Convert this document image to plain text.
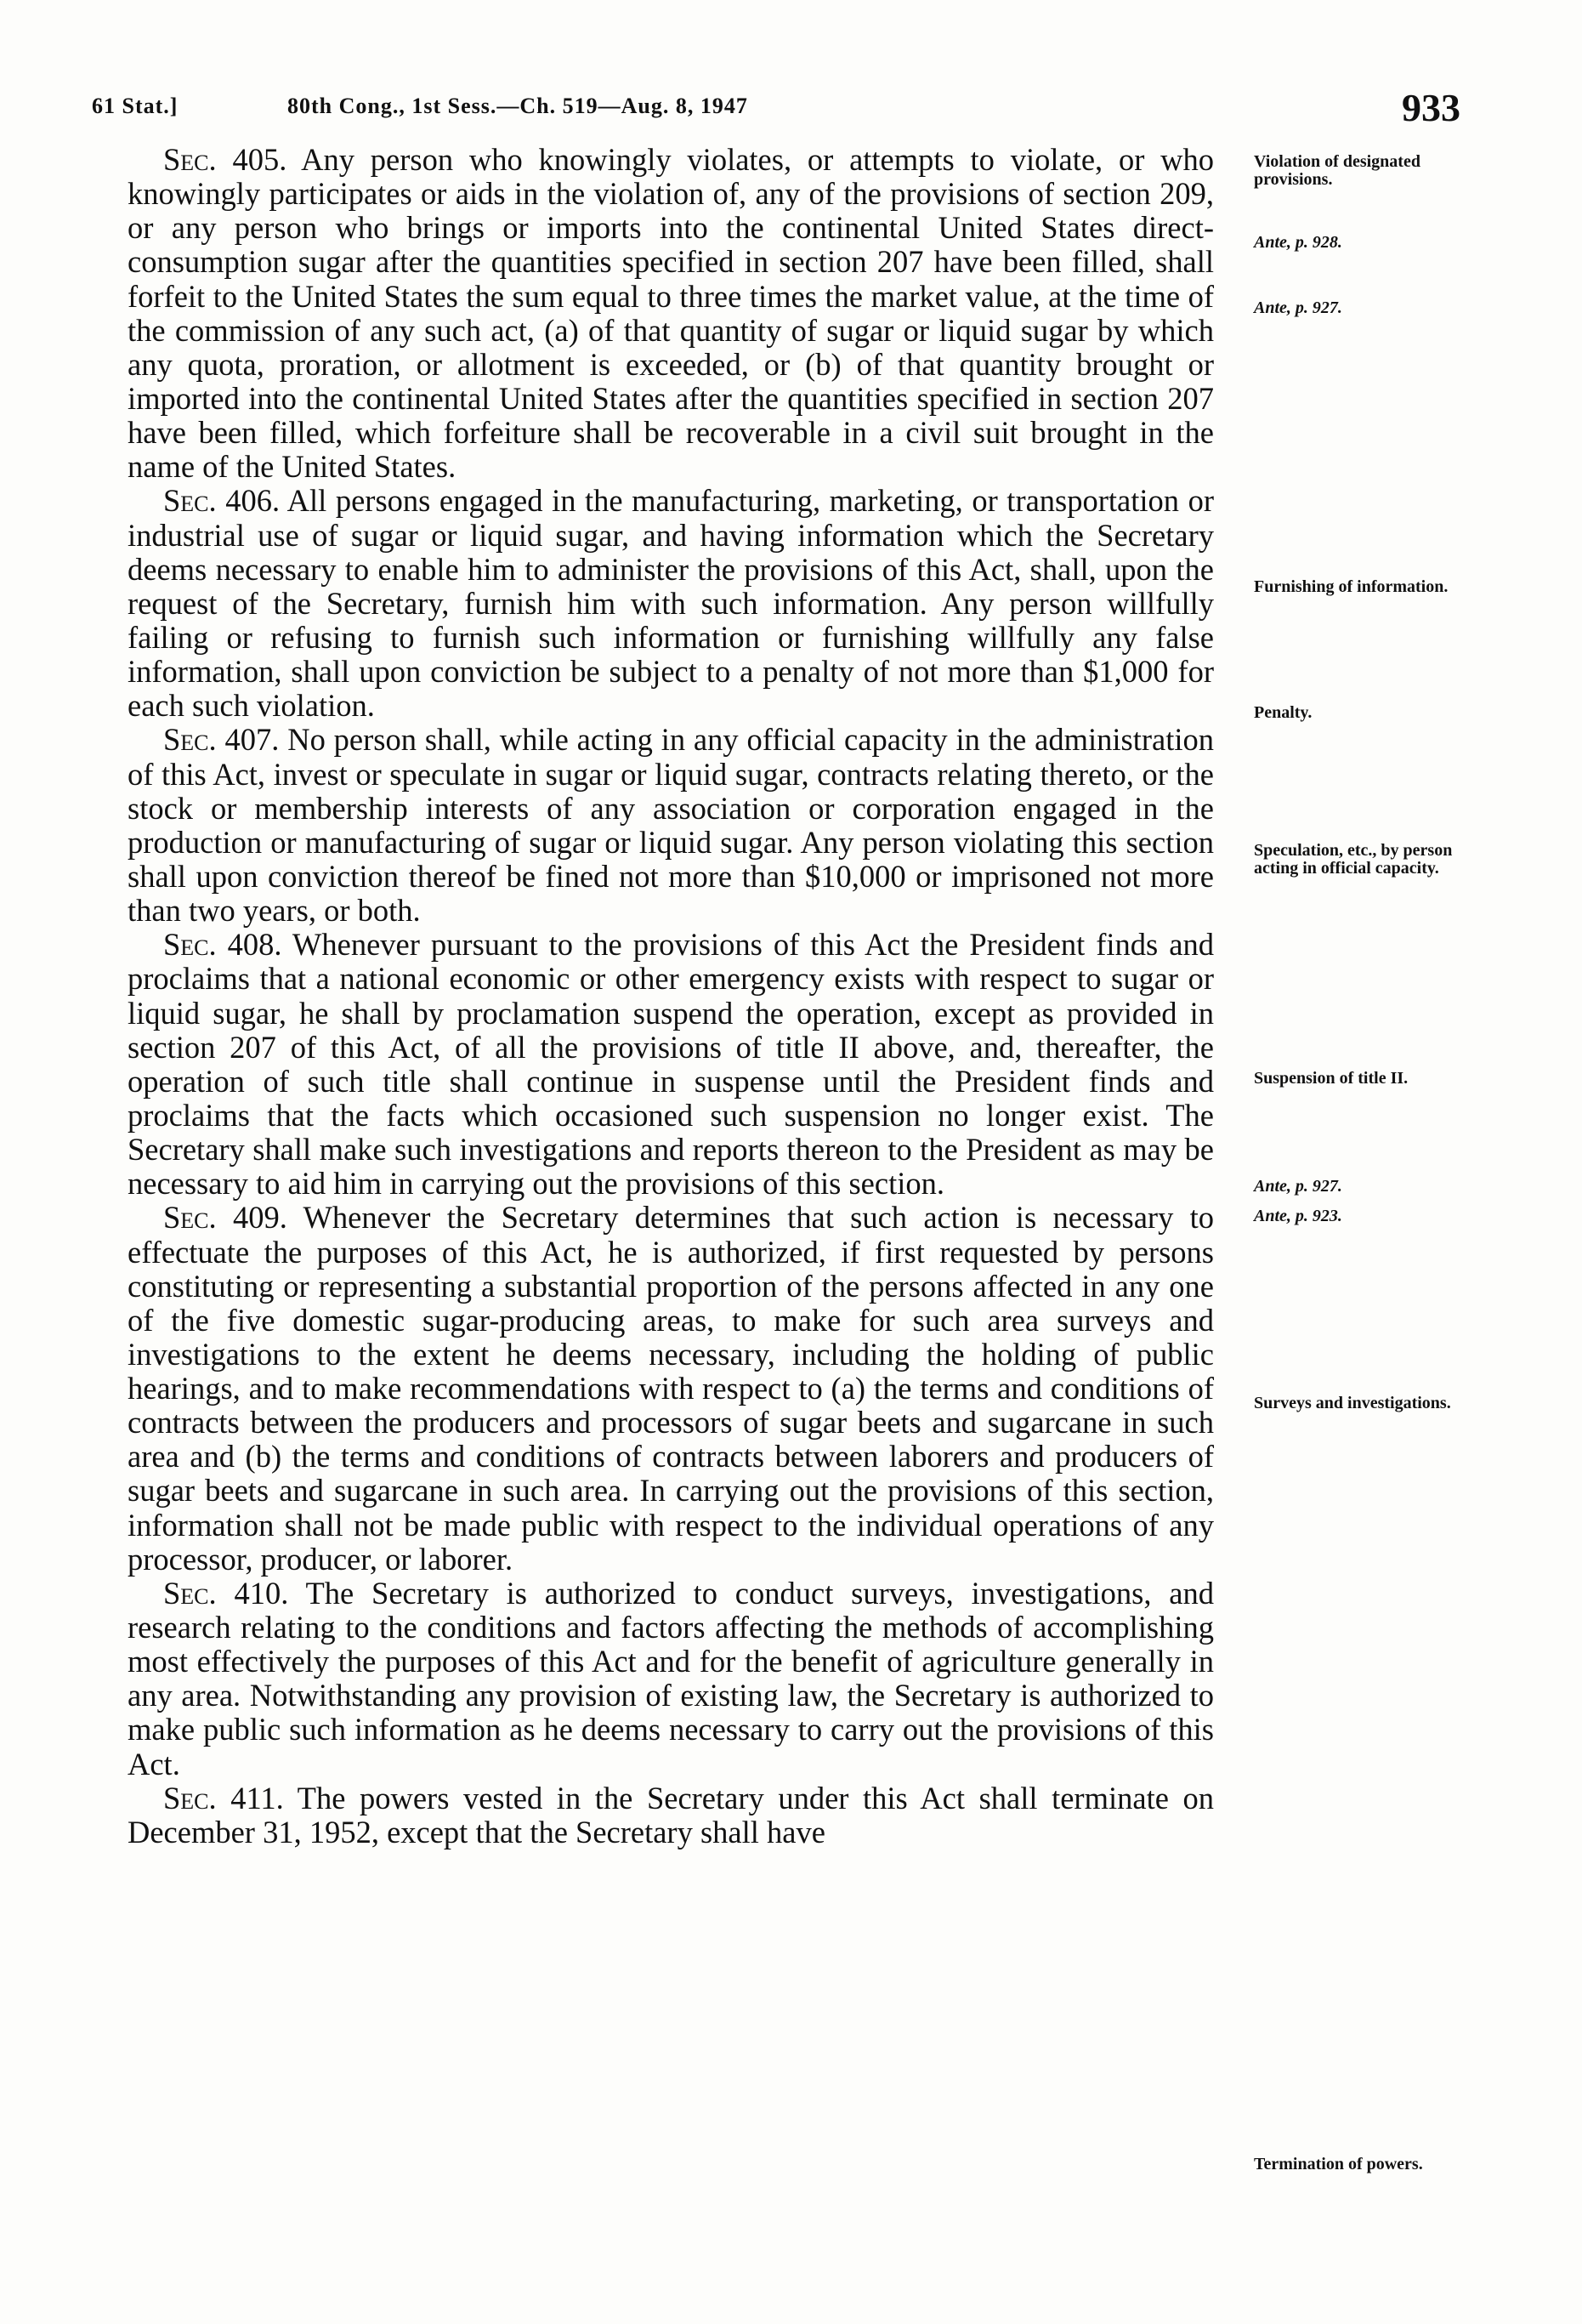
61 Stat.]	80th Cong., 1st Sess.—Ch. 519—Aug. 8, 1947	933

Sec. 405. Any person who knowingly violates, or attempts to violate, or who knowingly participates or aids in the violation of, any of the provisions of section 209, or any person who brings or imports into the continental United States direct-consumption sugar after the quantities specified in section 207 have been filled, shall forfeit to the United States the sum equal to three times the market value, at the time of the commission of any such act, (a) of that quantity of sugar or liquid sugar by which any quota, proration, or allotment is exceeded, or (b) of that quantity brought or imported into the continental United States after the quantities specified in section 207 have been filled, which forfeiture shall be recoverable in a civil suit brought in the name of the United States.

Sec. 406. All persons engaged in the manufacturing, marketing, or transportation or industrial use of sugar or liquid sugar, and having information which the Secretary deems necessary to enable him to administer the provisions of this Act, shall, upon the request of the Secretary, furnish him with such information. Any person willfully failing or refusing to furnish such information or furnishing willfully any false information, shall upon conviction be subject to a penalty of not more than $1,000 for each such violation.

Sec. 407. No person shall, while acting in any official capacity in the administration of this Act, invest or speculate in sugar or liquid sugar, contracts relating thereto, or the stock or membership interests of any association or corporation engaged in the production or manufacturing of sugar or liquid sugar. Any person violating this section shall upon conviction thereof be fined not more than $10,000 or imprisoned not more than two years, or both.

Sec. 408. Whenever pursuant to the provisions of this Act the President finds and proclaims that a national economic or other emergency exists with respect to sugar or liquid sugar, he shall by proclamation suspend the operation, except as provided in section 207 of this Act, of all the provisions of title II above, and, thereafter, the operation of such title shall continue in suspense until the President finds and proclaims that the facts which occasioned such suspension no longer exist. The Secretary shall make such investigations and reports thereon to the President as may be necessary to aid him in carrying out the provisions of this section.

Sec. 409. Whenever the Secretary determines that such action is necessary to effectuate the purposes of this Act, he is authorized, if first requested by persons constituting or representing a substantial proportion of the persons affected in any one of the five domestic sugar-producing areas, to make for such area surveys and investigations to the extent he deems necessary, including the holding of public hearings, and to make recommendations with respect to (a) the terms and conditions of contracts between the producers and processors of sugar beets and sugarcane in such area and (b) the terms and conditions of contracts between laborers and producers of sugar beets and sugarcane in such area. In carrying out the provisions of this section, information shall not be made public with respect to the individual operations of any processor, producer, or laborer.

Sec. 410. The Secretary is authorized to conduct surveys, investigations, and research relating to the conditions and factors affecting the methods of accomplishing most effectively the purposes of this Act and for the benefit of agriculture generally in any area. Notwithstanding any provision of existing law, the Secretary is authorized to make public such information as he deems necessary to carry out the provisions of this Act.

Sec. 411. The powers vested in the Secretary under this Act shall terminate on December 31, 1952, except that the Secretary shall have

Violation of designated provisions.
Ante, p. 928.
Ante, p. 927.
Furnishing of information.
Penalty.
Speculation, etc., by person acting in official capacity.
Suspension of title II.
Ante, p. 927.
Ante, p. 923.
Surveys and investigations.
Termination of powers.
